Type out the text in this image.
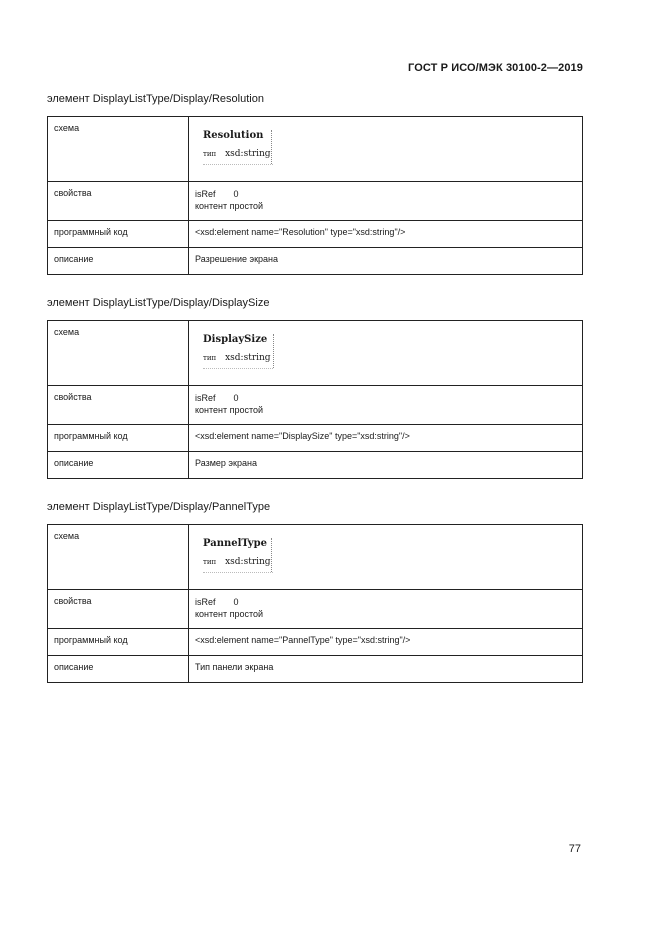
ГОСТ Р ИСО/МЭК 30100-2—2019
элемент DisplayListType/Display/Resolution
схема	Resolution
тип xsd:string

свойства	isRef 0
контент простой

программный код	<xsd:element name="Resolution" type="xsd:string"/>
описание	Разрешение экрана
элемент DisplayListType/Display/DisplaySize
схема	DisplaySize
тип xsd:string

свойства	isRef 0
контент простой

программный код	<xsd:element name="DisplaySize" type="xsd:string"/>
описание	Размер экрана
элемент DisplayListType/Display/PannelType
схема	PannelType
тип xsd:string

свойства	isRef 0
контент простой

программный код	<xsd:element name="PannelType" type="xsd:string"/>
описание	Тип панели экрана
77
